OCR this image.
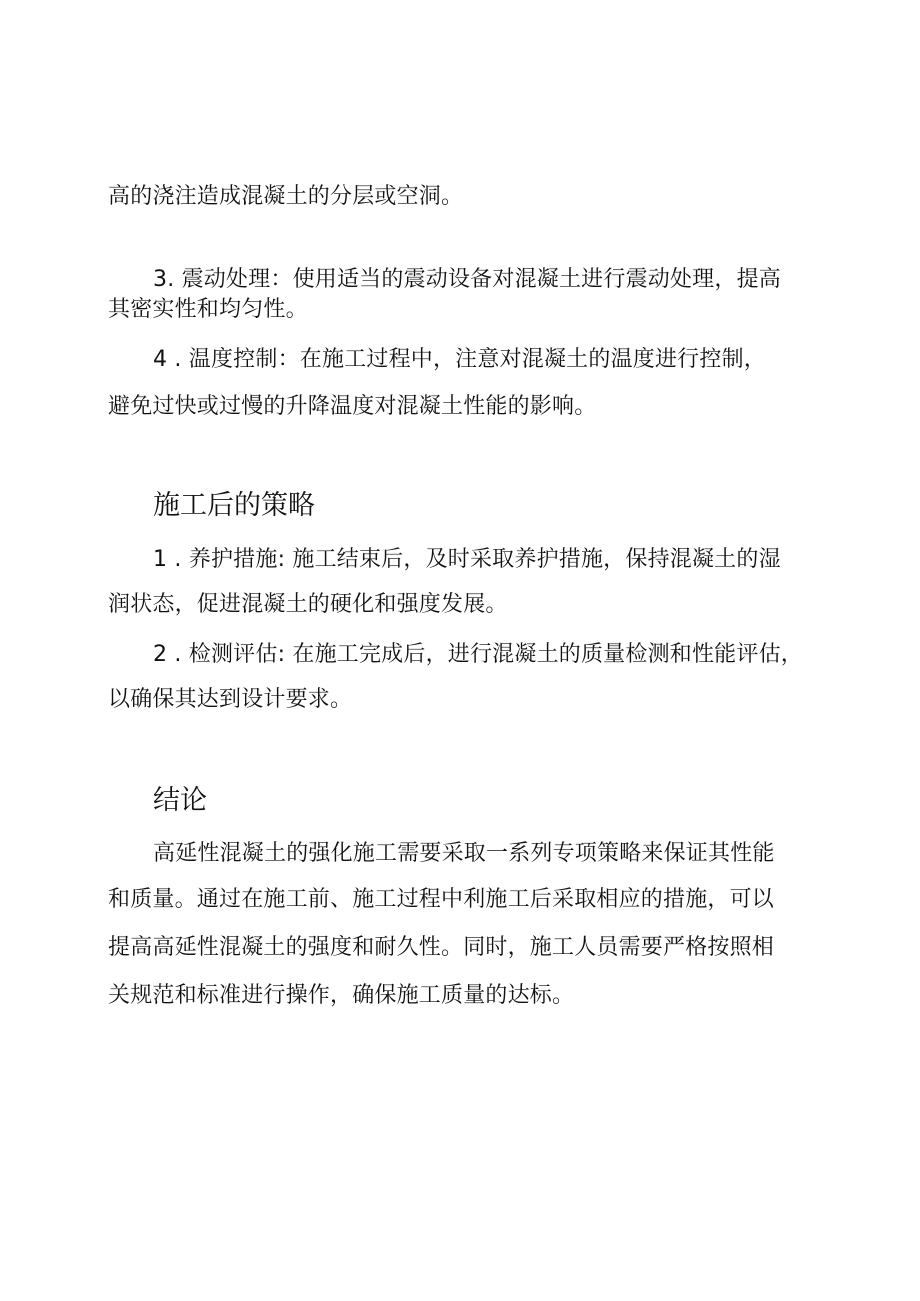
高的浇注造成混凝土的分层或空洞。
3. 震动处理：使用适当的震动设备对混凝土进行震动处理，提高
其密实性和均匀性。
4 . 温度控制：在施工过程中，注意对混凝土的温度进行控制，
避免过快或过慢的升降温度对混凝土性能的影响。
施工后的策略
1 . 养护措施: 施工结束后，及时采取养护措施，保持混凝土的湿
润状态，促进混凝土的硬化和强度发展。
2 . 检测评估: 在施工完成后，进行混凝土的质量检测和性能评估，
以确保其达到设计要求。
结论
高延性混凝土的强化施工需要采取一系列专项策略来保证其性能
和质量。通过在施工前、施工过程中利施工后采取相应的措施，可以
提高高延性混凝土的强度和耐久性。同时，施工人员需要严格按照相
关规范和标准进行操作，确保施工质量的达标。
